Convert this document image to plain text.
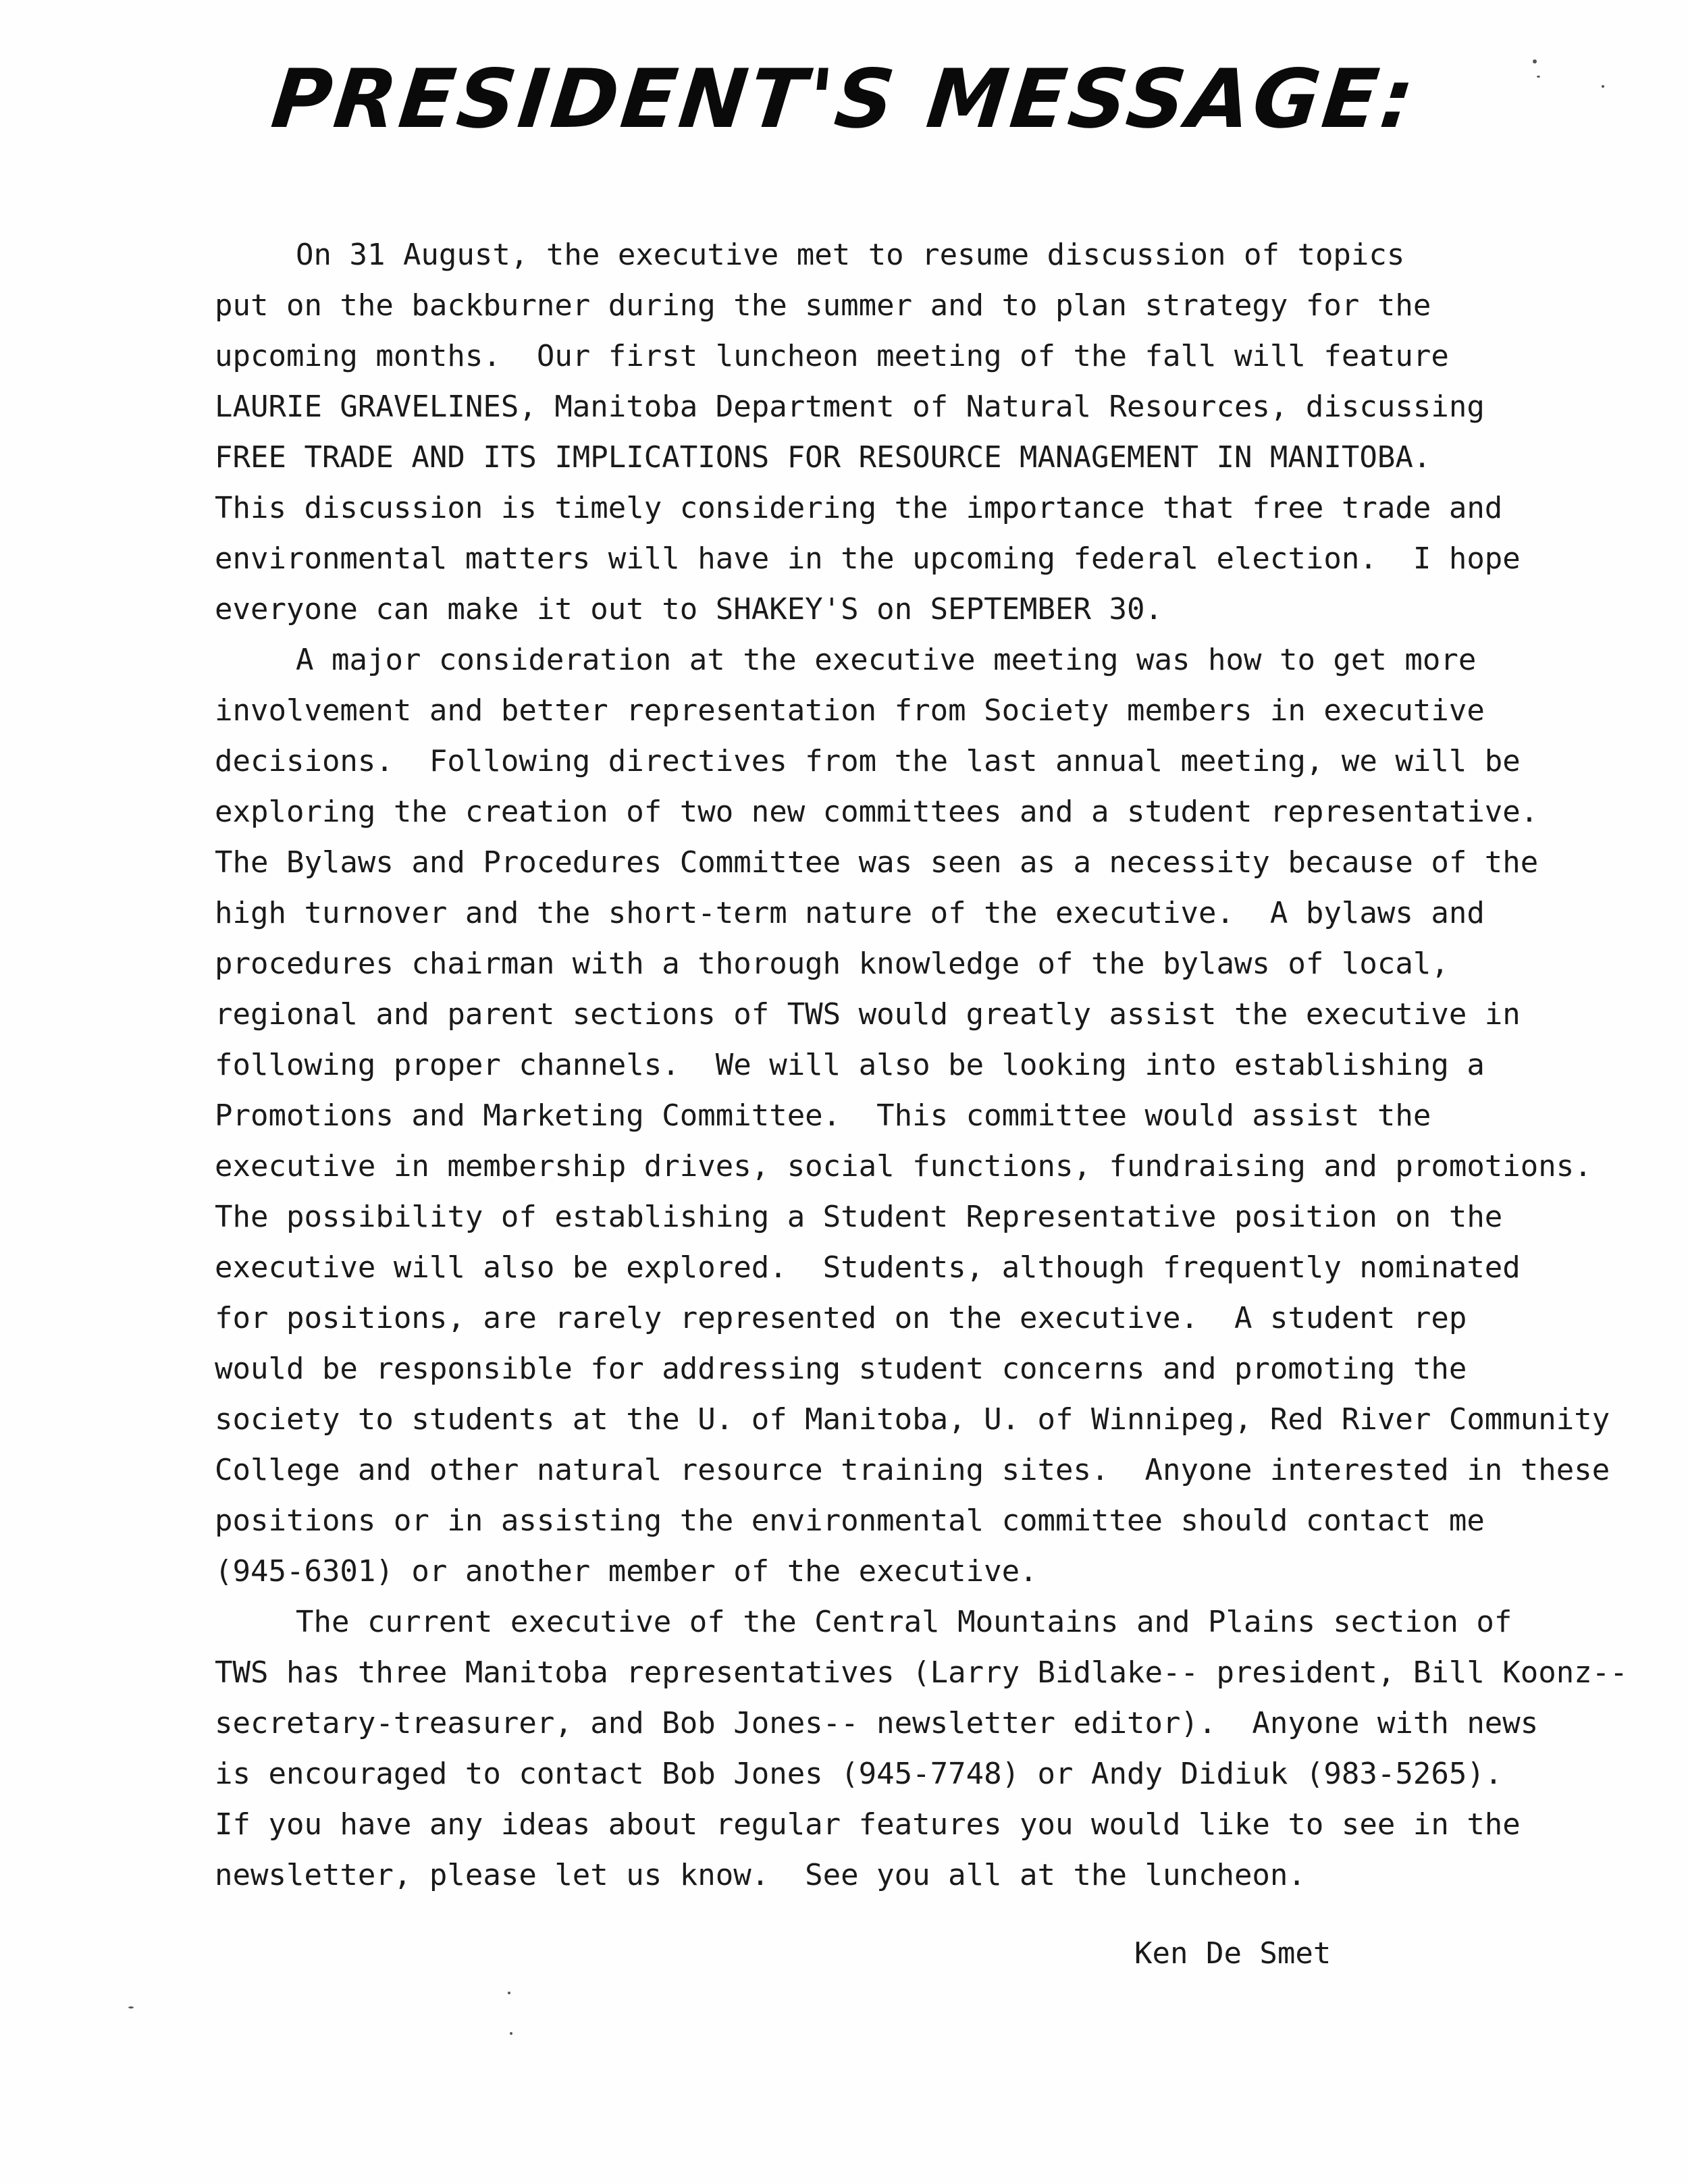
PRESIDENT'S MESSAGE:
On 31 August, the executive met to resume discussion of topics
put on the backburner during the summer and to plan strategy for the
upcoming months.  Our first luncheon meeting of the fall will feature
LAURIE GRAVELINES, Manitoba Department of Natural Resources, discussing
FREE TRADE AND ITS IMPLICATIONS FOR RESOURCE MANAGEMENT IN MANITOBA.
This discussion is timely considering the importance that free trade and
environmental matters will have in the upcoming federal election.  I hope
everyone can make it out to SHAKEY'S on SEPTEMBER 30.
A major consideration at the executive meeting was how to get more
involvement and better representation from Society members in executive
decisions.  Following directives from the last annual meeting, we will be
exploring the creation of two new committees and a student representative.
The Bylaws and Procedures Committee was seen as a necessity because of the
high turnover and the short-term nature of the executive.  A bylaws and
procedures chairman with a thorough knowledge of the bylaws of local,
regional and parent sections of TWS would greatly assist the executive in
following proper channels.  We will also be looking into establishing a
Promotions and Marketing Committee.  This committee would assist the
executive in membership drives, social functions, fundraising and promotions.
The possibility of establishing a Student Representative position on the
executive will also be explored.  Students, although frequently nominated
for positions, are rarely represented on the executive.  A student rep
would be responsible for addressing student concerns and promoting the
society to students at the U. of Manitoba, U. of Winnipeg, Red River Community
College and other natural resource training sites.  Anyone interested in these
positions or in assisting the environmental committee should contact me
(945-6301) or another member of the executive.
The current executive of the Central Mountains and Plains section of
TWS has three Manitoba representatives (Larry Bidlake-- president, Bill Koonz--
secretary-treasurer, and Bob Jones-- newsletter editor).  Anyone with news
is encouraged to contact Bob Jones (945-7748) or Andy Didiuk (983-5265).
If you have any ideas about regular features you would like to see in the
newsletter, please let us know.  See you all at the luncheon.
Ken De Smet
